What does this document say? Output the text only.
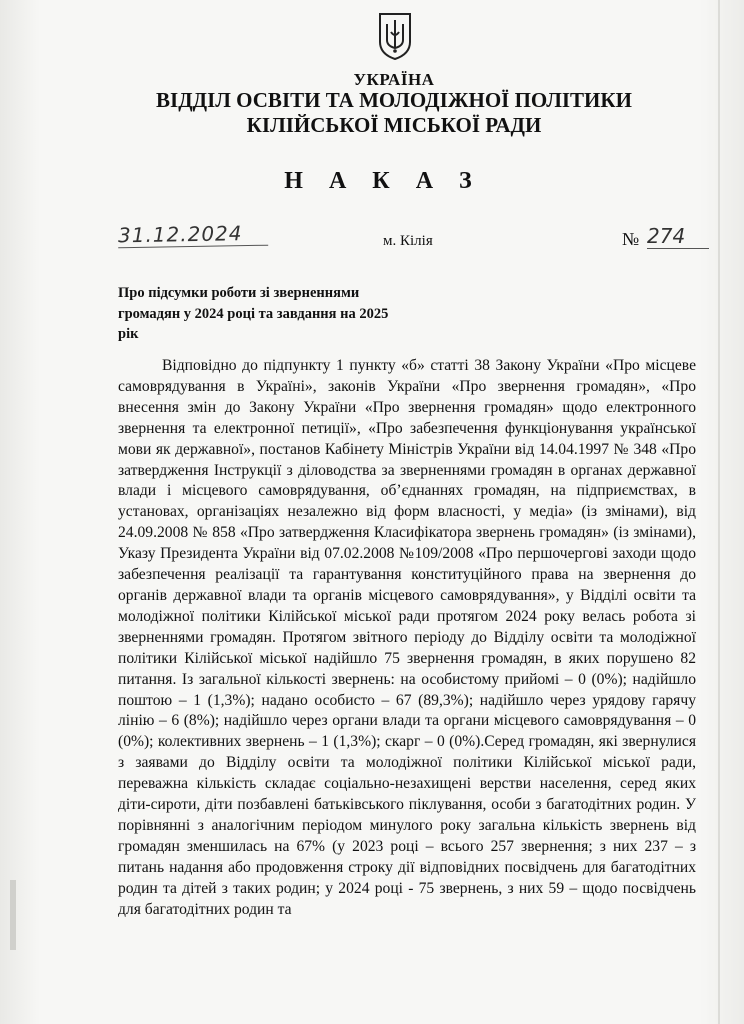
УКРАЇНА
ВІДДІЛ ОСВІТИ ТА МОЛОДІЖНОЇ ПОЛІТИКИ
КІЛІЙСЬКОЇ МІСЬКОЇ РАДИ
Н А К А З
31.12.2024	м. Кілія	№ 274
Про підсумки роботи зі зверненнями громадян у 2024 році та завдання на 2025 рік
Відповідно до підпункту 1 пункту «б» статті 38 Закону України «Про місцеве самоврядування в Україні», законів України «Про звернення громадян», «Про внесення змін до Закону України «Про звернення громадян» щодо електронного звернення та електронної петиції», «Про забезпечення функціонування української мови як державної», постанов Кабінету Міністрів України від 14.04.1997 № 348 «Про затвердження Інструкції з діловодства за зверненнями громадян в органах державної влади і місцевого самоврядування, об’єднаннях громадян, на підприємствах, в установах, організаціях незалежно від форм власності, у медіа» (із змінами), від 24.09.2008 № 858 «Про затвердження Класифікатора звернень громадян» (із змінами), Указу Президента України від 07.02.2008 №109/2008 «Про першочергові заходи щодо забезпечення реалізації та гарантування конституційного права на звернення до органів державної влади та органів місцевого самоврядування», у Відділі освіти та молодіжної політики Кілійської міської ради протягом 2024 року велась робота зі зверненнями громадян. Протягом звітного періоду до Відділу освіти та молодіжної політики Кілійської міської надійшло 75 звернення громадян, в яких порушено 82 питання. Із загальної кількості звернень: на особистому прийомі – 0 (0%); надійшло поштою – 1 (1,3%); надано особисто – 67 (89,3%); надійшло через урядову гарячу лінію – 6 (8%); надійшло через органи влади та органи місцевого самоврядування – 0 (0%); колективних звернень – 1 (1,3%); скарг – 0 (0%).Серед громадян, які звернулися з заявами до Відділу освіти та молодіжної політики Кілійської міської ради, переважна кількість складає соціально-незахищені верстви населення, серед яких діти-сироти, діти позбавлені батьківського піклування, особи з багатодітних родин. У порівнянні з аналогічним періодом минулого року загальна кількість звернень від громадян зменшилась на 67% (у 2023 році – всього 257 звернення; з них 237 – з питань надання або продовження строку дії відповідних посвідчень для багатодітних родин та дітей з таких родин; у 2024 році - 75 звернень, з них 59 – щодо посвідчень для багатодітних родин та
